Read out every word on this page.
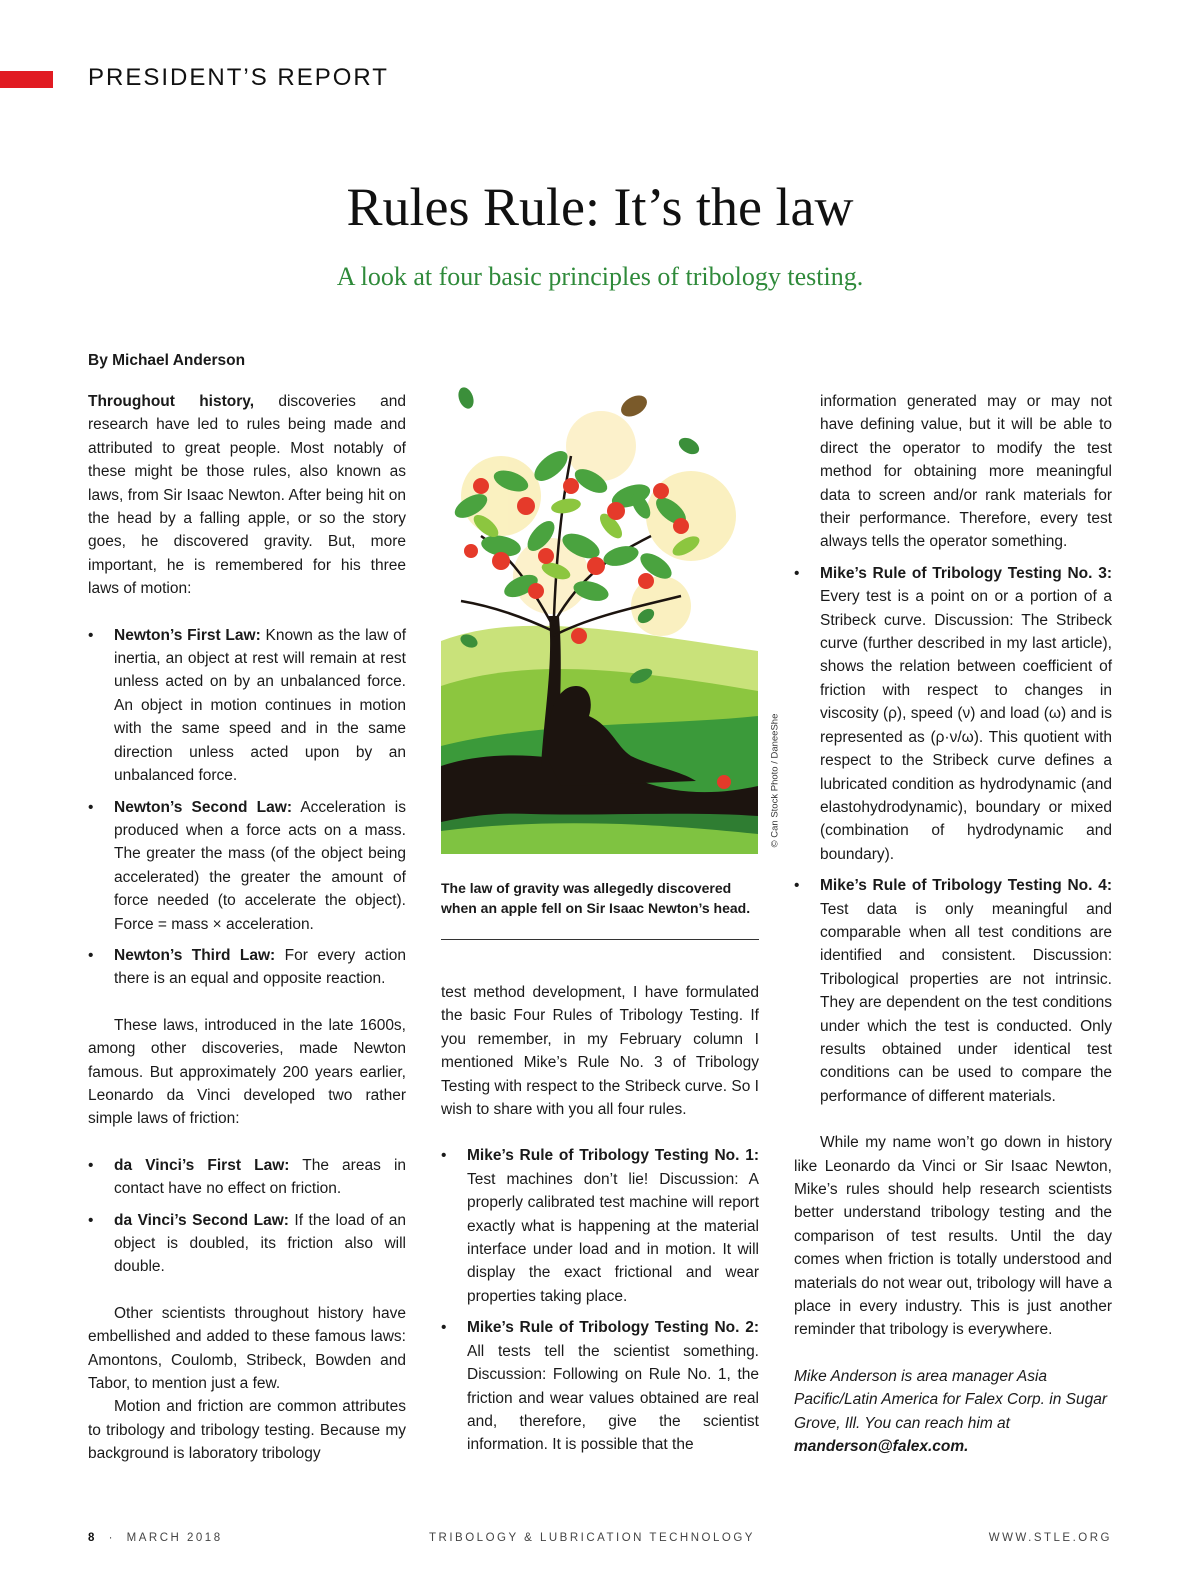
PRESIDENT’S REPORT
Rules Rule: It’s the law
A look at four basic principles of tribology testing.
By Michael Anderson

Throughout history, discoveries and research have led to rules being made and attributed to great people. Most notably of these might be those rules, also known as laws, from Sir Isaac Newton. After being hit on the head by a falling apple, or so the story goes, he discovered gravity. But, more important, he is remembered for his three laws of motion:

• Newton’s First Law: Known as the law of inertia, an object at rest will remain at rest unless acted on by an unbalanced force. An object in motion continues in motion with the same speed and in the same direction unless acted upon by an unbalanced force.
• Newton’s Second Law: Acceleration is produced when a force acts on a mass. The greater the mass (of the object being accelerated) the greater the amount of force needed (to accelerate the object). Force = mass × acceleration.
• Newton’s Third Law: For every action there is an equal and opposite reaction.

These laws, introduced in the late 1600s, among other discoveries, made Newton famous. But approximately 200 years earlier, Leonardo da Vinci developed two rather simple laws of friction:

• da Vinci’s First Law: The areas in contact have no effect on friction.
• da Vinci’s Second Law: If the load of an object is doubled, its friction also will double.

Other scientists throughout history have embellished and added to these famous laws: Amontons, Coulomb, Stribeck, Bowden and Tabor, to mention just a few.

Motion and friction are common attributes to tribology and tribology testing. Because my background is laboratory tribology

© Can Stock Photo / DaneeShe
The law of gravity was allegedly discovered when an apple fell on Sir Isaac Newton’s head.

test method development, I have formulated the basic Four Rules of Tribology Testing. If you remember, in my February column I mentioned Mike’s Rule No. 3 of Tribology Testing with respect to the Stribeck curve. So I wish to share with you all four rules.

• Mike’s Rule of Tribology Testing No. 1: Test machines don’t lie! Discussion: A properly calibrated test machine will report exactly what is happening at the material interface under load and in motion. It will display the exact frictional and wear properties taking place.
• Mike’s Rule of Tribology Testing No. 2: All tests tell the scientist something. Discussion: Following on Rule No. 1, the friction and wear values obtained are real and, therefore, give the scientist information. It is possible that the

information generated may or may not have defining value, but it will be able to direct the operator to modify the test method for obtaining more meaningful data to screen and/or rank materials for their performance. Therefore, every test always tells the operator something.

• Mike’s Rule of Tribology Testing No. 3: Every test is a point on or a portion of a Stribeck curve. Discussion: The Stribeck curve (further described in my last article), shows the relation between coefficient of friction with respect to changes in viscosity (ρ), speed (ν) and load (ω) and is represented as (ρ·ν/ω). This quotient with respect to the Stribeck curve defines a lubricated condition as hydrodynamic (and elastohydrodynamic), boundary or mixed (combination of hydrodynamic and boundary).
• Mike’s Rule of Tribology Testing No. 4: Test data is only meaningful and comparable when all test conditions are identified and consistent. Discussion: Tribological properties are not intrinsic. They are dependent on the test conditions under which the test is conducted. Only results obtained under identical test conditions can be used to compare the performance of different materials.

While my name won’t go down in history like Leonardo da Vinci or Sir Isaac Newton, Mike’s rules should help research scientists better understand tribology testing and the comparison of test results. Until the day comes when friction is totally understood and materials do not wear out, tribology will have a place in every industry. This is just another reminder that tribology is everywhere.

Mike Anderson is area manager Asia Pacific/Latin America for Falex Corp. in Sugar Grove, Ill. You can reach him at manderson@falex.com.

8 · MARCH 2018	TRIBOLOGY & LUBRICATION TECHNOLOGY	WWW.STLE.ORG
